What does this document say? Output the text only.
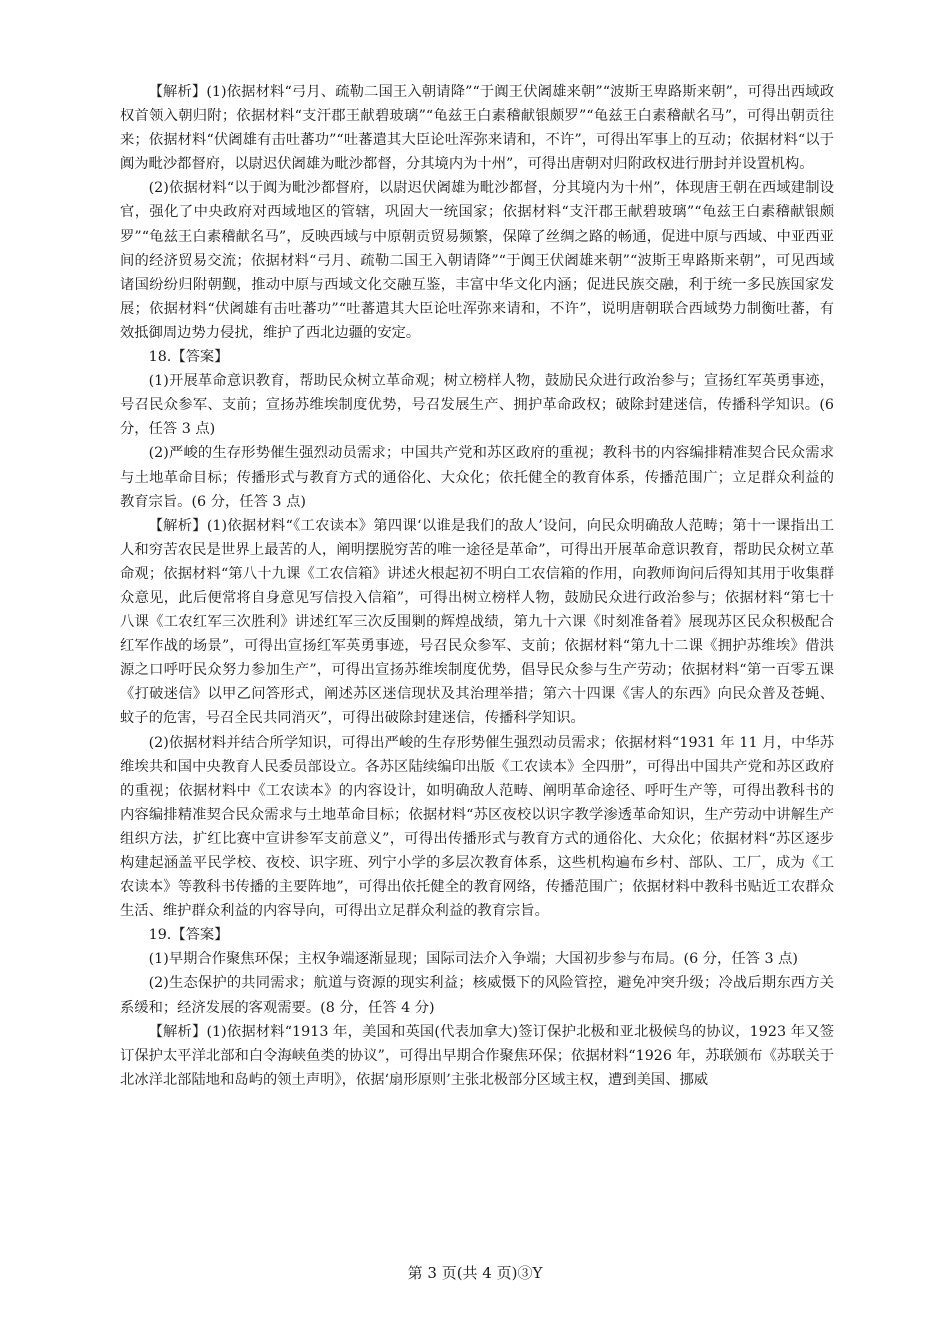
【解析】(1)依据材料“弓月、疏勒二国王入朝请降”“于阗王伏阇雄来朝”“波斯王卑路斯来朝”，可得出西域政权首领入朝归附；依据材料“支汗郡王献碧玻璃”“龟兹王白素稽献银颇罗”“龟兹王白素稽献名马”，可得出朝贡往来；依据材料“伏阇雄有击吐蕃功”“吐蕃遣其大臣论吐浑弥来请和，不许”，可得出军事上的互动；依据材料“以于阗为毗沙都督府，以尉迟伏阇雄为毗沙都督，分其境内为十州”，可得出唐朝对归附政权进行册封并设置机构。

(2)依据材料“以于阗为毗沙都督府，以尉迟伏阇雄为毗沙都督，分其境内为十州”，体现唐王朝在西域建制设官，强化了中央政府对西域地区的管辖，巩固大一统国家；依据材料“支汗郡王献碧玻璃”“龟兹王白素稽献银颇罗”“龟兹王白素稽献名马”，反映西域与中原朝贡贸易频繁，保障了丝绸之路的畅通，促进中原与西域、中亚西亚间的经济贸易交流；依据材料“弓月、疏勒二国王入朝请降”“于阗王伏阇雄来朝”“波斯王卑路斯来朝”，可见西域诸国纷纷归附朝觐，推动中原与西域文化交融互鉴，丰富中华文化内涵；促进民族交融，利于统一多民族国家发展；依据材料“伏阇雄有击吐蕃功”“吐蕃遣其大臣论吐浑弥来请和，不许”，说明唐朝联合西域势力制衡吐蕃，有效抵御周边势力侵扰，维护了西北边疆的安定。

18.【答案】

(1)开展革命意识教育，帮助民众树立革命观；树立榜样人物，鼓励民众进行政治参与；宣扬红军英勇事迹，号召民众参军、支前；宣扬苏维埃制度优势，号召发展生产、拥护革命政权；破除封建迷信，传播科学知识。(6 分，任答 3 点)

(2)严峻的生存形势催生强烈动员需求；中国共产党和苏区政府的重视；教科书的内容编排精准契合民众需求与土地革命目标；传播形式与教育方式的通俗化、大众化；依托健全的教育体系，传播范围广；立足群众利益的教育宗旨。(6 分，任答 3 点)

【解析】(1)依据材料“《工农读本》第四课‘以谁是我们的敌人’设问，向民众明确敌人范畴；第十一课指出工人和穷苦农民是世界上最苦的人，阐明摆脱穷苦的唯一途径是革命”，可得出开展革命意识教育，帮助民众树立革命观；依据材料“第八十九课《工农信箱》讲述火根起初不明白工农信箱的作用，向教师询问后得知其用于收集群众意见，此后便常将自身意见写信投入信箱”，可得出树立榜样人物，鼓励民众进行政治参与；依据材料“第七十八课《工农红军三次胜利》讲述红军三次反围剿的辉煌战绩，第九十六课《时刻准备着》展现苏区民众积极配合红军作战的场景”，可得出宣扬红军英勇事迹，号召民众参军、支前；依据材料“第九十二课《拥护苏维埃》借洪源之口呼吁民众努力参加生产”，可得出宣扬苏维埃制度优势，倡导民众参与生产劳动；依据材料“第一百零五课《打破迷信》以甲乙问答形式，阐述苏区迷信现状及其治理举措；第六十四课《害人的东西》向民众普及苍蝇、蚊子的危害，号召全民共同消灭”，可得出破除封建迷信，传播科学知识。

(2)依据材料并结合所学知识，可得出严峻的生存形势催生强烈动员需求；依据材料“1931 年 11 月，中华苏维埃共和国中央教育人民委员部设立。各苏区陆续编印出版《工农读本》全四册”，可得出中国共产党和苏区政府的重视；依据材料中《工农读本》的内容设计，如明确敌人范畴、阐明革命途径、呼吁生产等，可得出教科书的内容编排精准契合民众需求与土地革命目标；依据材料“苏区夜校以识字教学渗透革命知识，生产劳动中讲解生产组织方法，扩红比赛中宣讲参军支前意义”，可得出传播形式与教育方式的通俗化、大众化；依据材料“苏区逐步构建起涵盖平民学校、夜校、识字班、列宁小学的多层次教育体系，这些机构遍布乡村、部队、工厂，成为《工农读本》等教科书传播的主要阵地”，可得出依托健全的教育网络，传播范围广；依据材料中教科书贴近工农群众生活、维护群众利益的内容导向，可得出立足群众利益的教育宗旨。

19.【答案】

(1)早期合作聚焦环保；主权争端逐渐显现；国际司法介入争端；大国初步参与布局。(6 分，任答 3 点)

(2)生态保护的共同需求；航道与资源的现实利益；核威慑下的风险管控，避免冲突升级；冷战后期东西方关系缓和；经济发展的客观需要。(8 分，任答 4 分)

【解析】(1)依据材料“1913 年，美国和英国(代表加拿大)签订保护北极和亚北极候鸟的协议，1923 年又签订保护太平洋北部和白令海峡鱼类的协议”，可得出早期合作聚焦环保；依据材料“1926 年，苏联颁布《苏联关于北冰洋北部陆地和岛屿的领土声明》，依据‘扇形原则’主张北极部分区域主权，遭到美国、挪威

第 3 页(共 4 页)③Y
